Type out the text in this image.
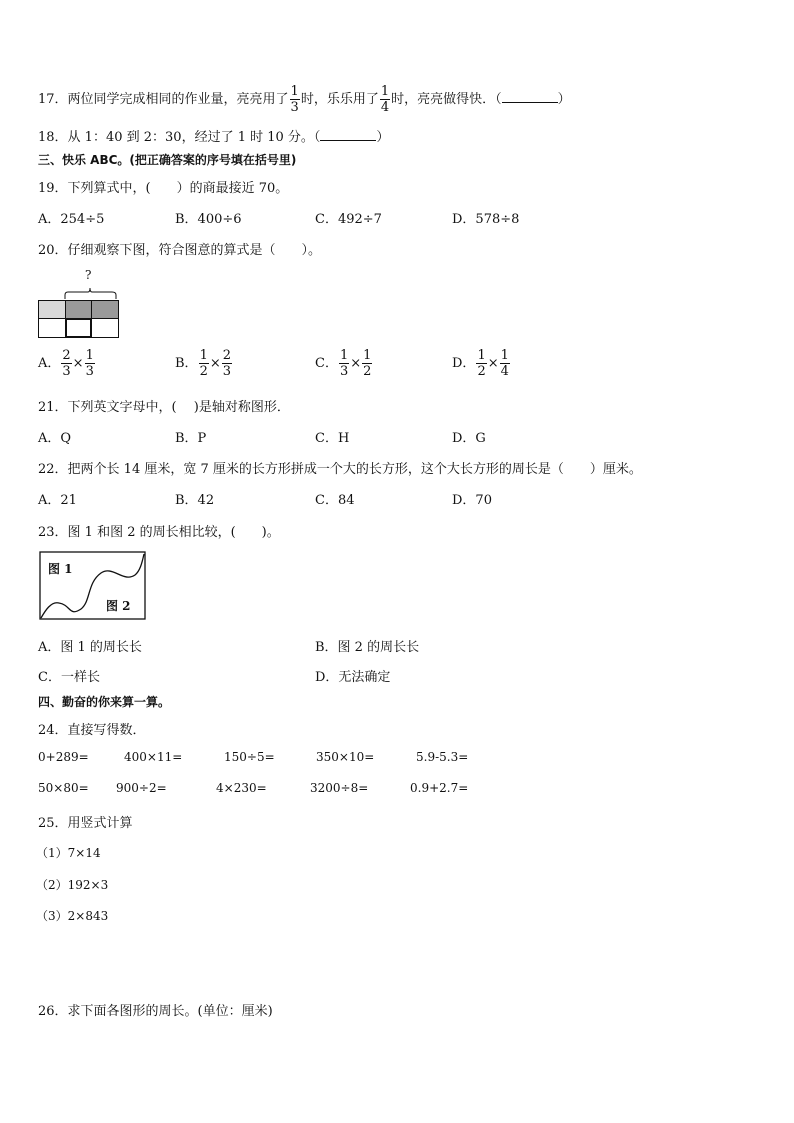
17．两位同学完成相同的作业量，亮亮用了 $\frac{1}{3}$ 时，乐乐用了 $\frac{1}{4}$ 时，亮亮做得快．（	）
18．从 1：40 到 2：30，经过了 1 时 10 分。（	）
三、快乐 ABC。(把正确答案的序号填在括号里)
19．下列算式中，(　　）的商最接近 70。
A．254÷5	B．400÷6	C．492÷7	D．578÷8
20．仔细观察下图，符合图意的算式是（　　）。
?
A． $\frac{2}{3} \times \frac{1}{3}$	B． $\frac{1}{2} \times \frac{2}{3}$	C． $\frac{1}{3} \times \frac{1}{2}$	D． $\frac{1}{2} \times \frac{1}{4}$
21．下列英文字母中，(　 )是轴对称图形．
A．Q	B．P	C．H	D．G
22．把两个长 14 厘米，宽 7 厘米的长方形拼成一个大的长方形，这个大长方形的周长是（　　）厘米。
A．21	B．42	C．84	D．70
23．图 1 和图 2 的周长相比较，(　　)。
图 1
图 2
A．图 1 的周长长	B．图 2 的周长长
C．一样长	D．无法确定
四、勤奋的你来算一算。
24．直接写得数．
0+289=	400×11=	150÷5=	350×10=	5.9-5.3=
50×80= 900÷2=	4×230=	3200÷8=	0.9+2.7=
25．用竖式计算
（1）7×14
（2）192×3
（3）2×843
26．求下面各图形的周长。(单位：厘米)
